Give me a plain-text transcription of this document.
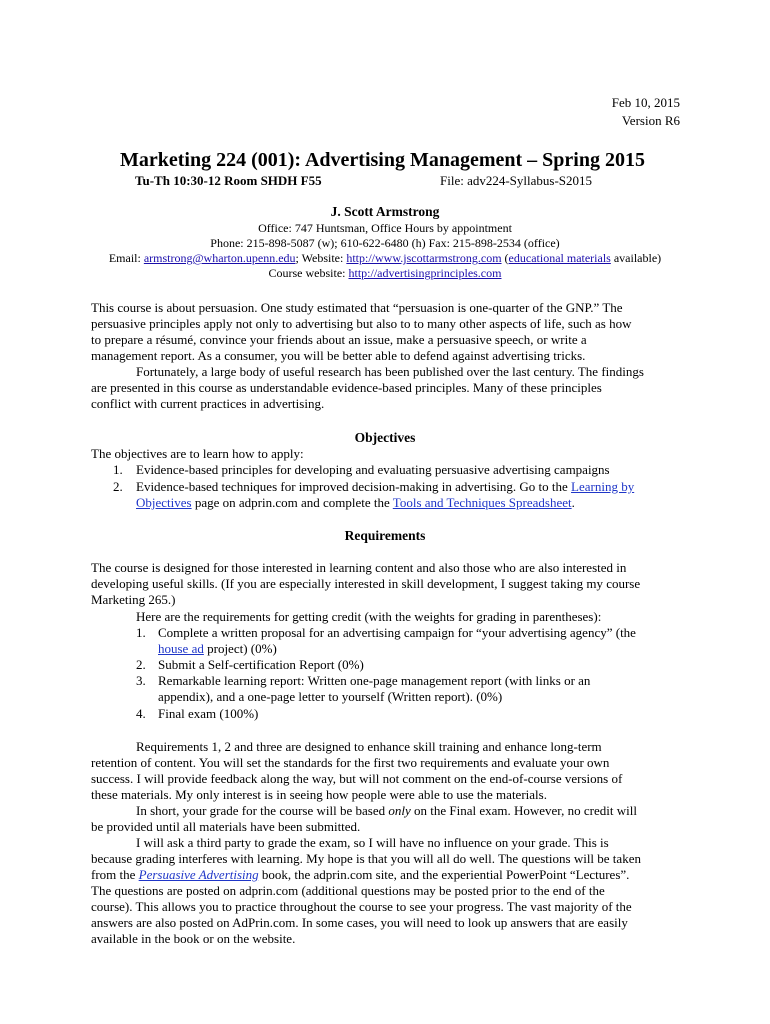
Feb 10, 2015
Version R6
Marketing 224 (001): Advertising Management – Spring 2015
Tu-Th 10:30-12 Room SHDH F55	File: adv224-Syllabus-S2015
J. Scott Armstrong
Office: 747 Huntsman, Office Hours by appointment
Phone: 215-898-5087 (w); 610-622-6480 (h) Fax: 215-898-2534 (office)
Email: armstrong@wharton.upenn.edu; Website: http://www.jscottarmstrong.com (educational materials available)
Course website: http://advertisingprinciples.com
This course is about persuasion. One study estimated that “persuasion is one-quarter of the GNP.” The
persuasive principles apply not only to advertising but also to to many other aspects of life, such as how
to prepare a résumé, convince your friends about an issue, make a persuasive speech, or write a
management report. As a consumer, you will be better able to defend against advertising tricks.
Fortunately, a large body of useful research has been published over the last century. The findings
are presented in this course as understandable evidence-based principles. Many of these principles
conflict with current practices in advertising.
Objectives
The objectives are to learn how to apply:
1. Evidence-based principles for developing and evaluating persuasive advertising campaigns
2. Evidence-based techniques for improved decision-making in advertising. Go to the Learning by
Objectives page on adprin.com and complete the Tools and Techniques Spreadsheet.
Requirements
The course is designed for those interested in learning content and also those who are also interested in
developing useful skills. (If you are especially interested in skill development, I suggest taking my course
Marketing 265.)
Here are the requirements for getting credit (with the weights for grading in parentheses):
1. Complete a written proposal for an advertising campaign for “your advertising agency” (the
house ad project) (0%)
2. Submit a Self-certification Report (0%)
3. Remarkable learning report: Written one-page management report (with links or an
appendix), and a one-page letter to yourself (Written report). (0%)
4. Final exam (100%)
Requirements 1, 2 and three are designed to enhance skill training and enhance long-term
retention of content. You will set the standards for the first two requirements and evaluate your own
success. I will provide feedback along the way, but will not comment on the end-of-course versions of
these materials. My only interest is in seeing how people were able to use the materials.
In short, your grade for the course will be based only on the Final exam. However, no credit will
be provided until all materials have been submitted.
I will ask a third party to grade the exam, so I will have no influence on your grade. This is
because grading interferes with learning. My hope is that you will all do well. The questions will be taken
from the Persuasive Advertising book, the adprin.com site, and the experiential PowerPoint “Lectures”.
The questions are posted on adprin.com (additional questions may be posted prior to the end of the
course). This allows you to practice throughout the course to see your progress. The vast majority of the
answers are also posted on AdPrin.com. In some cases, you will need to look up answers that are easily
available in the book or on the website.
